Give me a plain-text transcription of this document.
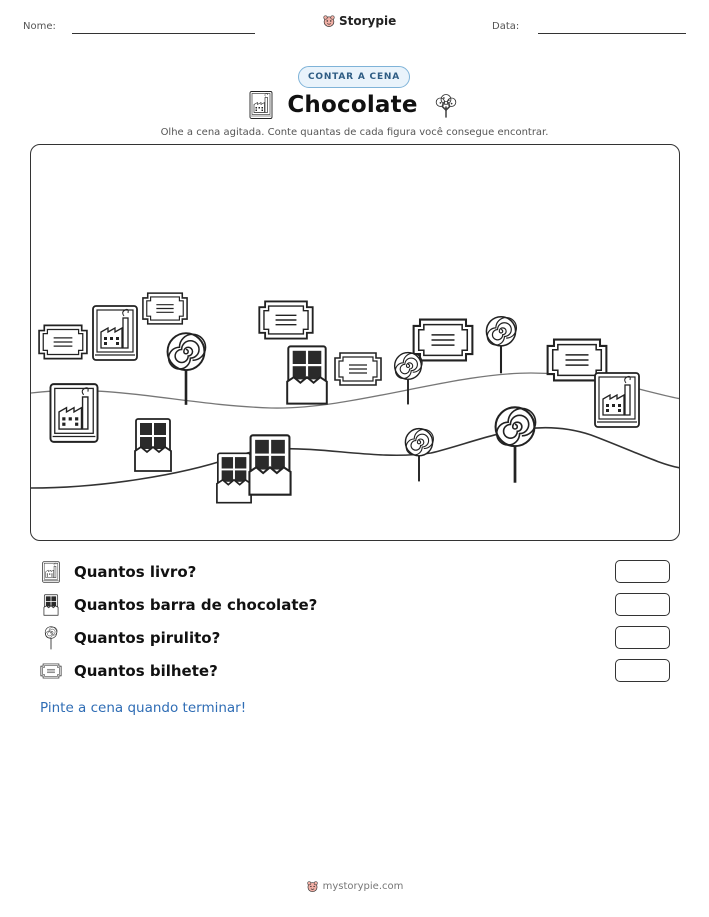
Nome:	Storypie	Data:
CONTAR A CENA
Chocolate
Olhe a cena agitada. Conte quantas de cada figura você consegue encontrar.
Quantos livro?
Quantos barra de chocolate?
Quantos pirulito?
Quantos bilhete?
Pinte a cena quando terminar!
mystorypie.com
